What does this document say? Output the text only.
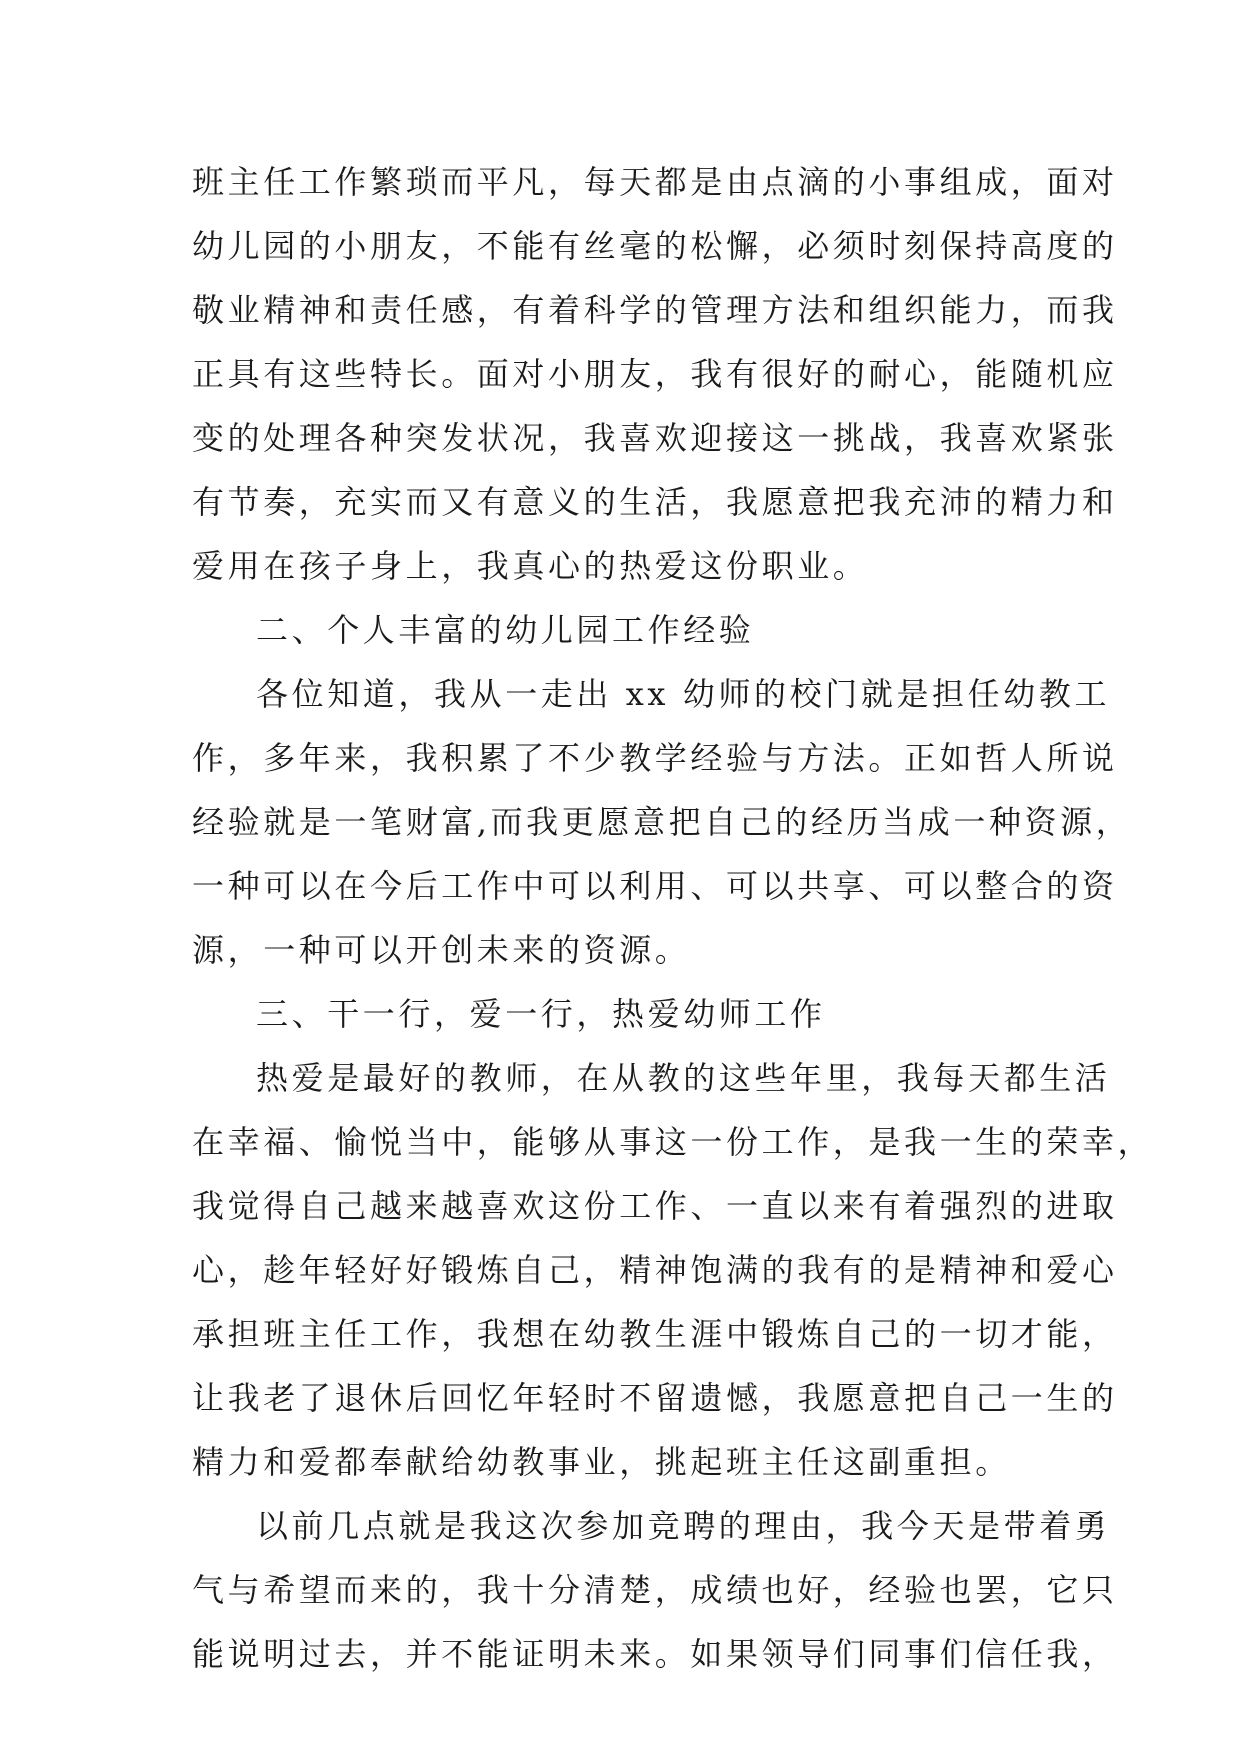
班主任工作繁琐而平凡，每天都是由点滴的小事组成，面对
幼儿园的小朋友，不能有丝毫的松懈，必须时刻保持高度的
敬业精神和责任感，有着科学的管理方法和组织能力，而我
正具有这些特长。面对小朋友，我有很好的耐心，能随机应
变的处理各种突发状况，我喜欢迎接这一挑战，我喜欢紧张
有节奏，充实而又有意义的生活，我愿意把我充沛的精力和
爱用在孩子身上，我真心的热爱这份职业。
二、个人丰富的幼儿园工作经验
各位知道，我从一走出 xx 幼师的校门就是担任幼教工
作，多年来，我积累了不少教学经验与方法。正如哲人所说
经验就是一笔财富,而我更愿意把自己的经历当成一种资源，
一种可以在今后工作中可以利用、可以共享、可以整合的资
源，一种可以开创未来的资源。
三、干一行，爱一行，热爱幼师工作
热爱是最好的教师，在从教的这些年里，我每天都生活
在幸福、愉悦当中，能够从事这一份工作，是我一生的荣幸，
我觉得自己越来越喜欢这份工作、一直以来有着强烈的进取
心，趁年轻好好锻炼自己，精神饱满的我有的是精神和爱心
承担班主任工作，我想在幼教生涯中锻炼自己的一切才能，
让我老了退休后回忆年轻时不留遗憾，我愿意把自己一生的
精力和爱都奉献给幼教事业，挑起班主任这副重担。
以前几点就是我这次参加竞聘的理由，我今天是带着勇
气与希望而来的，我十分清楚，成绩也好，经验也罢，它只
能说明过去，并不能证明未来。如果领导们同事们信任我，
